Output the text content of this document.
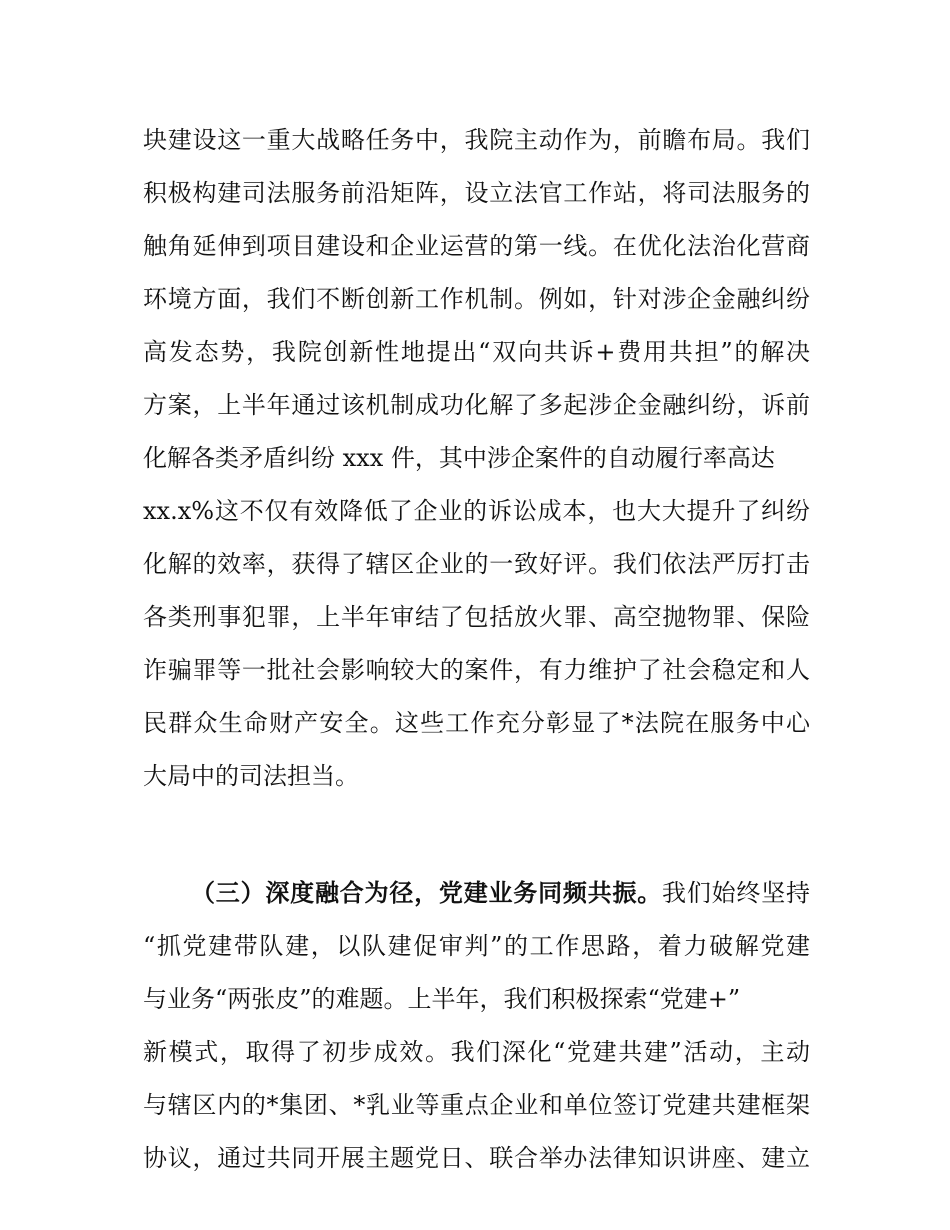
块建设这一重大战略任务中，我院主动作为，前瞻布局。我们
积极构建司法服务前沿矩阵，设立法官工作站，将司法服务的
触角延伸到项目建设和企业运营的第一线。在优化法治化营商
环境方面，我们不断创新工作机制。例如，针对涉企金融纠纷
高发态势，我院创新性地提出“双向共诉+费用共担”的解决
方案，上半年通过该机制成功化解了多起涉企金融纠纷，诉前
化解各类矛盾纠纷 xxx 件，其中涉企案件的自动履行率高达
xx.x%这不仅有效降低了企业的诉讼成本，也大大提升了纠纷
化解的效率，获得了辖区企业的一致好评。我们依法严厉打击
各类刑事犯罪，上半年审结了包括放火罪、高空抛物罪、保险
诈骗罪等一批社会影响较大的案件，有力维护了社会稳定和人
民群众生命财产安全。这些工作充分彰显了*法院在服务中心
大局中的司法担当。
（三）深度融合为径，党建业务同频共振。我们始终坚持
“抓党建带队建，以队建促审判”的工作思路，着力破解党建
与业务“两张皮”的难题。上半年，我们积极探索“党建+”
新模式，取得了初步成效。我们深化“党建共建”活动，主动
与辖区内的*集团、*乳业等重点企业和单位签订党建共建框架
协议，通过共同开展主题党日、联合举办法律知识讲座、建立
